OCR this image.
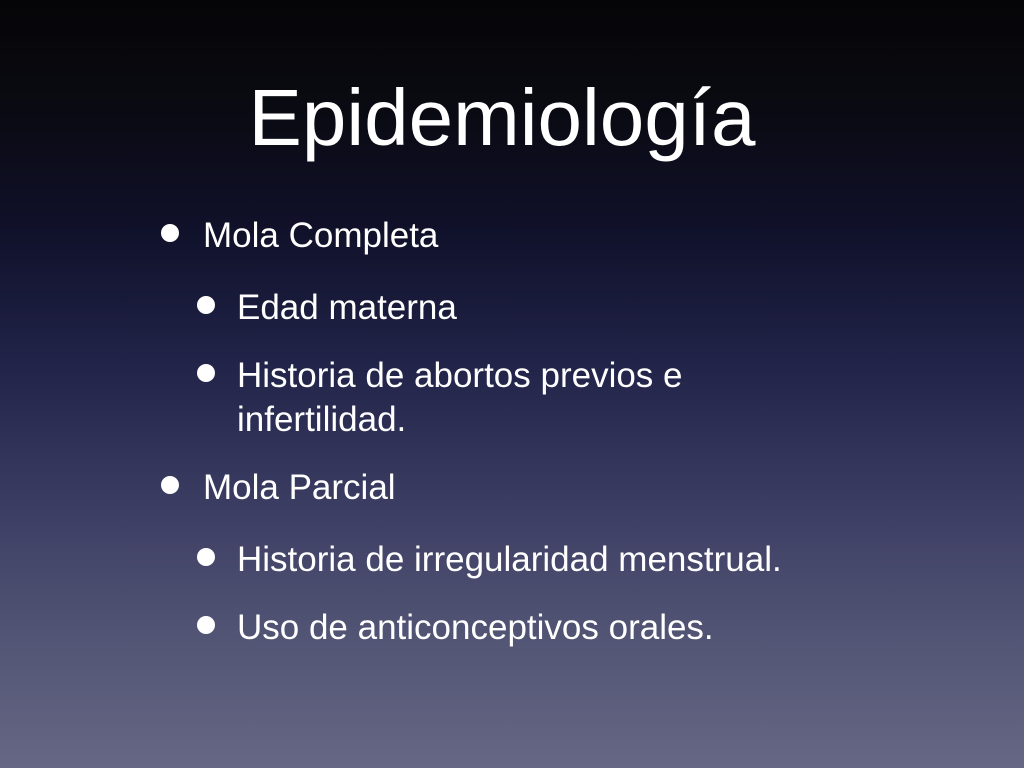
Epidemiología
Mola Completa
Edad materna
Historia de abortos previos e infertilidad.
Mola Parcial
Historia de irregularidad menstrual.
Uso de anticonceptivos orales.
